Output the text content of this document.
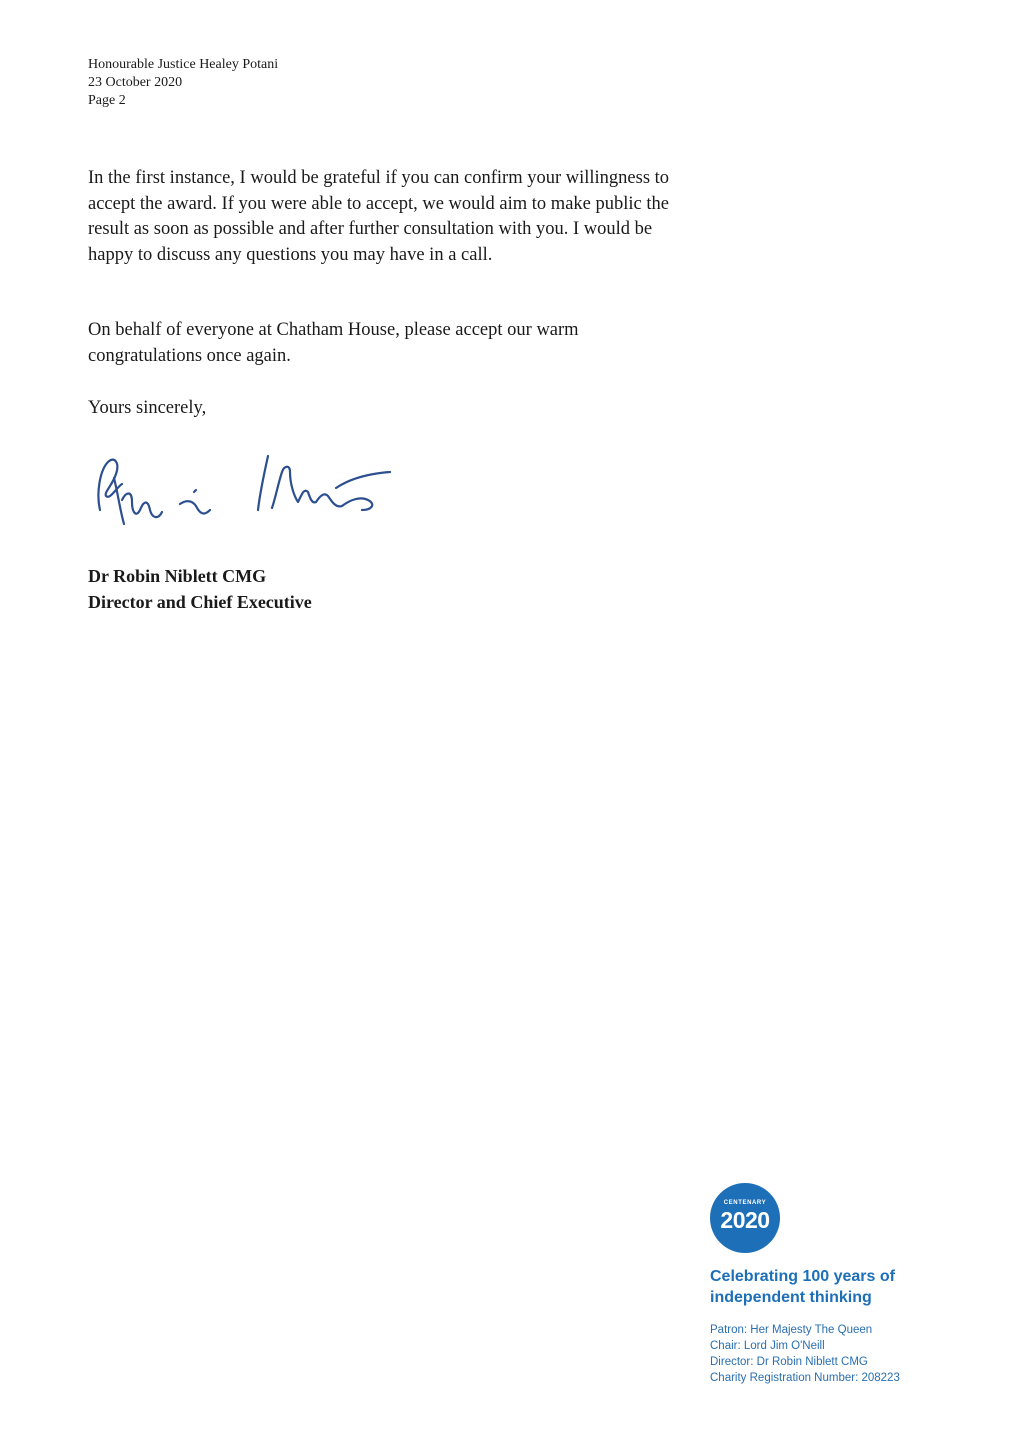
Honourable Justice Healey Potani
23 October 2020
Page 2

In the first instance, I would be grateful if you can confirm your willingness to accept the award. If you were able to accept, we would aim to make public the result as soon as possible and after further consultation with you. I would be happy to discuss any questions you may have in a call.

On behalf of everyone at Chatham House, please accept our warm congratulations once again.

Yours sincerely,

Dr Robin Niblett CMG
Director and Chief Executive
CENTENARY
2020
Celebrating 100 years of
independent thinking
Patron: Her Majesty The Queen
Chair: Lord Jim O'Neill
Director: Dr Robin Niblett CMG
Charity Registration Number: 208223
